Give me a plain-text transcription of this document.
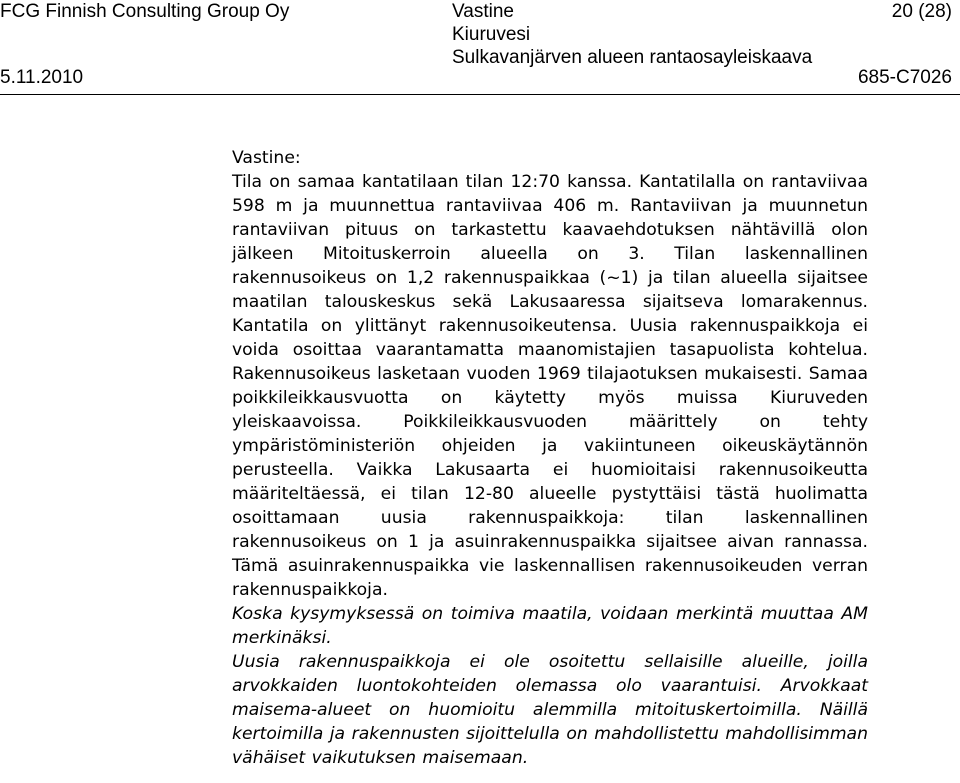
FCG Finnish Consulting Group Oy
5.11.2010
Vastine
Kiuruvesi
Sulkavanjärven alueen rantaosayleiskaava
20 (28)
685-C7026
Vastine:

Tila on samaa kantatilaan tilan 12:70 kanssa. Kantatilalla on rantaviivaa 598 m ja muunnettua rantaviivaa 406 m. Rantaviivan ja muunnetun rantaviivan pituus on tarkastettu kaavaehdotuksen nähtävillä olon jälkeen Mitoituskerroin alueella on 3. Tilan laskennallinen rakennusoikeus on 1,2 rakennuspaikkaa (~1) ja tilan alueella sijaitsee maatilan talouskeskus sekä Lakusaaressa sijaitseva lomarakennus. Kantatila on ylittänyt rakennusoikeutensa. Uusia rakennuspaikkoja ei voida osoittaa vaarantamatta maanomistajien tasapuolista kohtelua. Rakennusoikeus lasketaan vuoden 1969 tilajaotuksen mukaisesti. Samaa poikkileikkausvuotta on käytetty myös muissa Kiuruveden yleiskaavoissa. Poikkileikkausvuoden määrittely on tehty ympäristöministeriön ohjeiden ja vakiintuneen oikeuskäytännön perusteella. Vaikka Lakusaarta ei huomioitaisi rakennusoikeutta määriteltäessä, ei tilan 12-80 alueelle pystyttäisi tästä huolimatta osoittamaan uusia rakennuspaikkoja: tilan laskennallinen rakennusoikeus on 1 ja asuinrakennuspaikka sijaitsee aivan rannassa. Tämä asuinrakennuspaikka vie laskennallisen rakennusoikeuden verran rakennuspaikkoja.

Koska kysymyksessä on toimiva maatila, voidaan merkintä muuttaa AM merkinäksi.

Uusia rakennuspaikkoja ei ole osoitettu sellaisille alueille, joilla arvokkaiden luontokohteiden olemassa olo vaarantuisi. Arvokkaat maisema-alueet on huomioitu alemmilla mitoituskertoimilla. Näillä kertoimilla ja rakennusten sijoittelulla on mahdollistettu mahdollisimman vähäiset vaikutuksen maisemaan.
